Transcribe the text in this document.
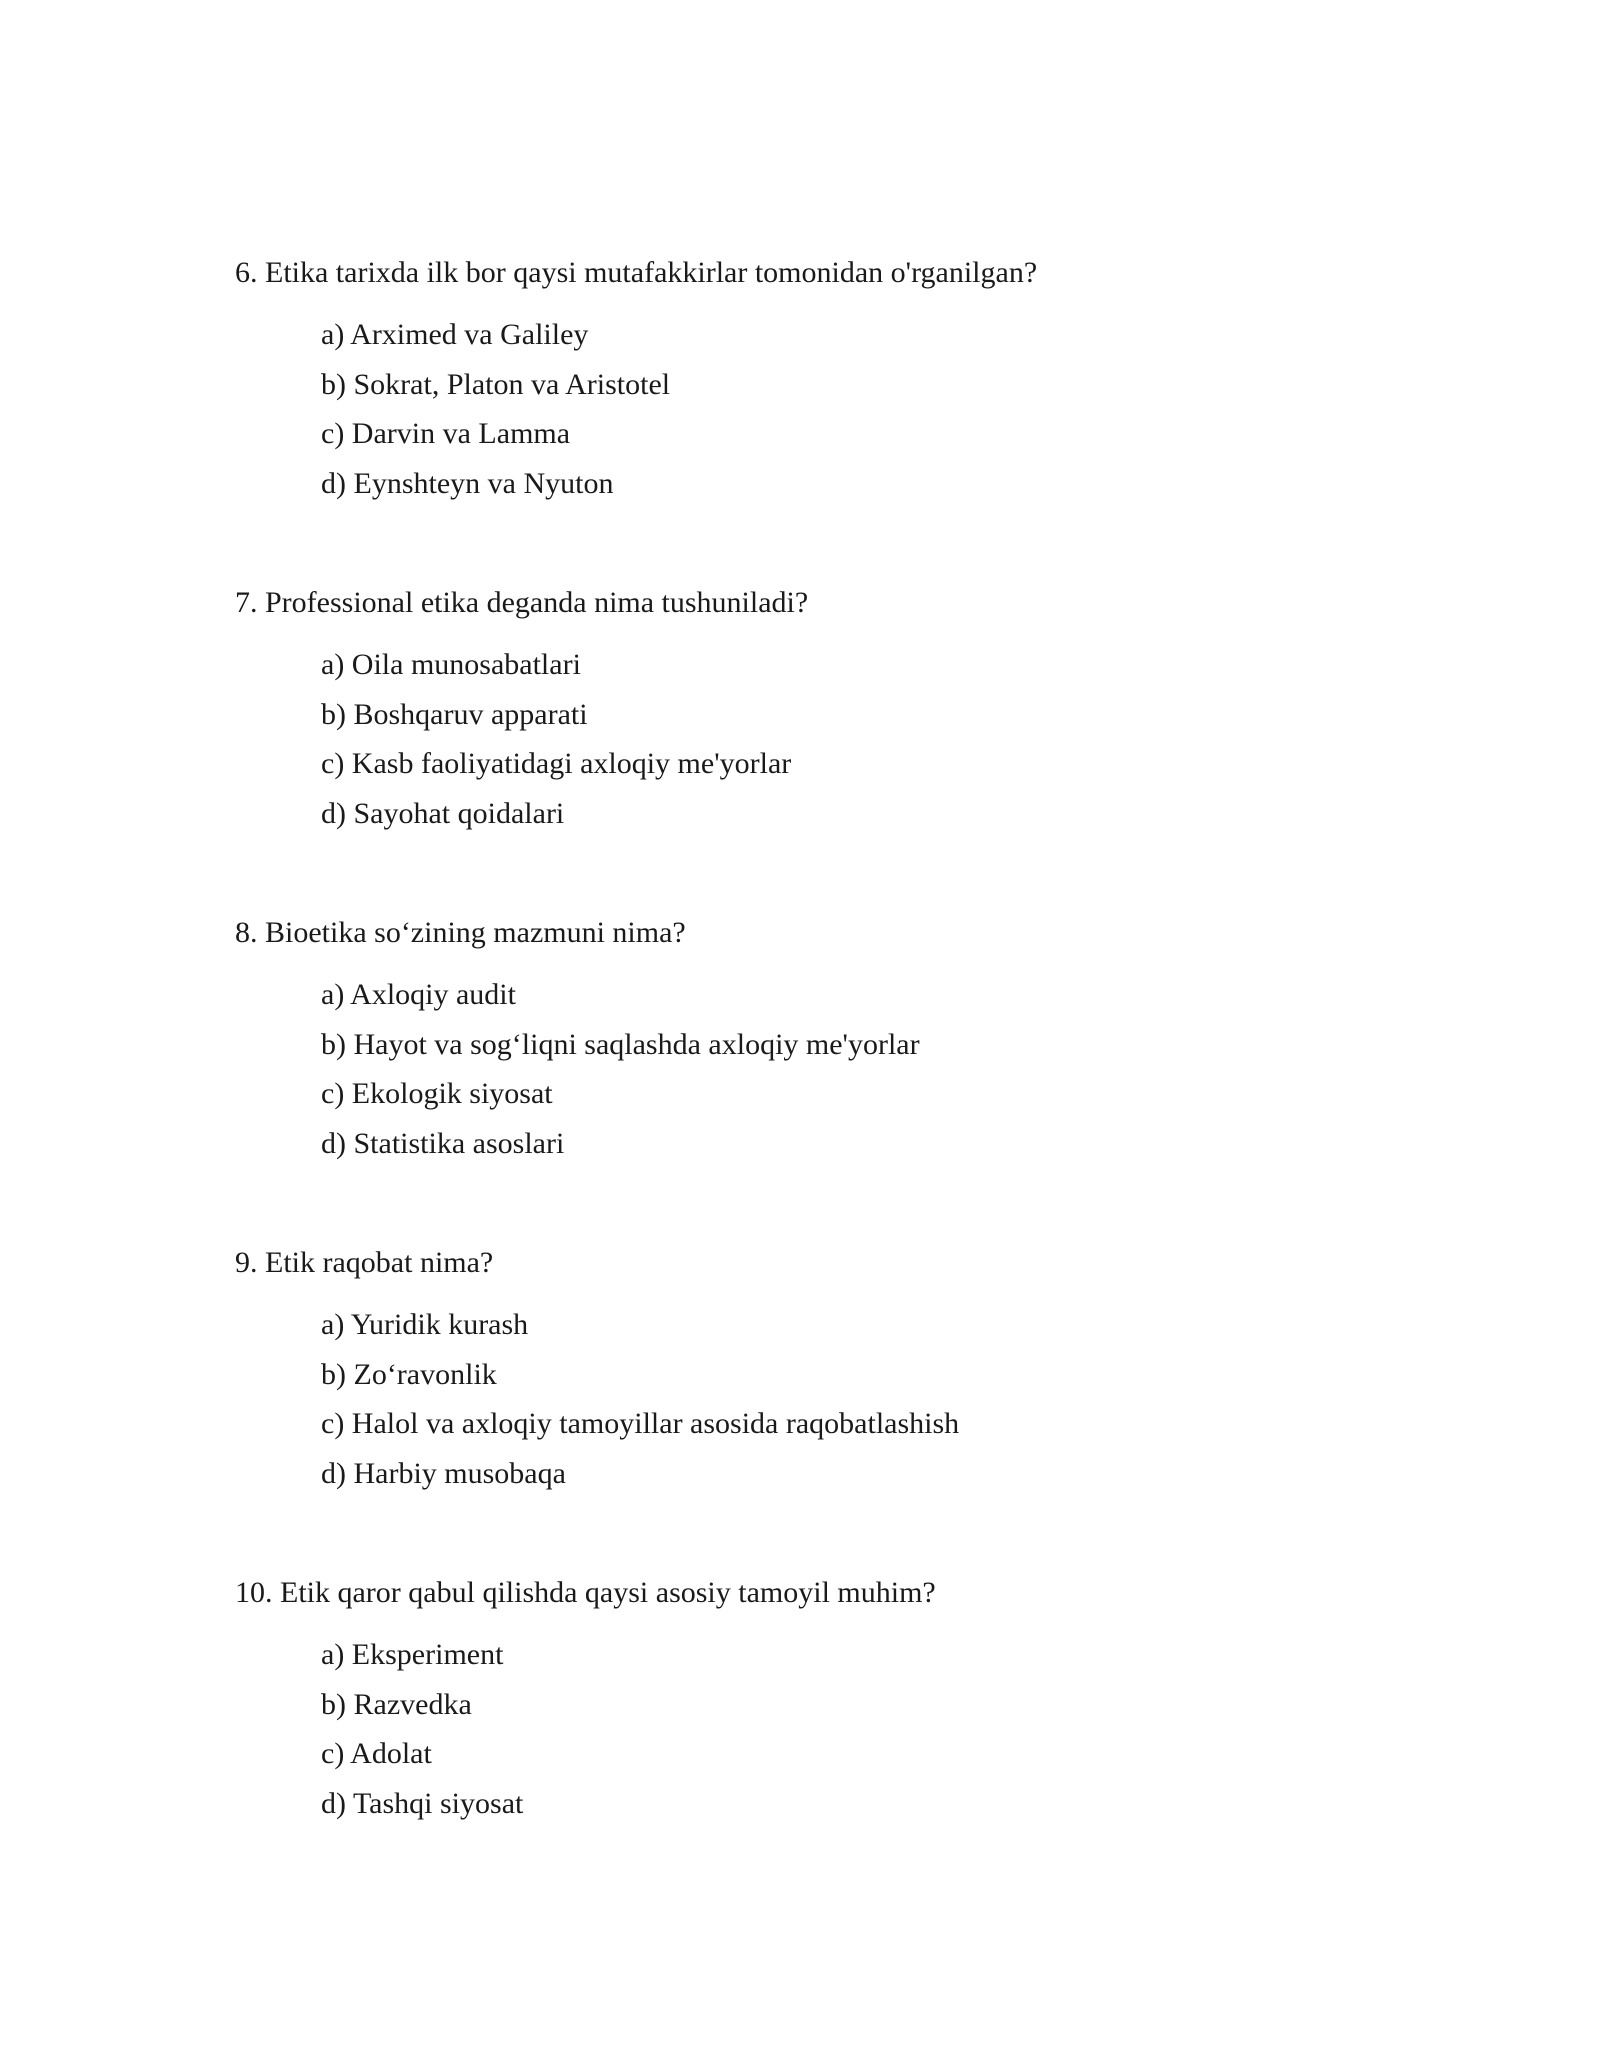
6. Etika tarixda ilk bor qaysi mutafakkirlar tomonidan o'rganilgan?
a) Arximed va Galiley
b) Sokrat, Platon va Aristotel
c) Darvin va Lamma
d) Eynshteyn va Nyuton
7. Professional etika deganda nima tushuniladi?
a) Oila munosabatlari
b) Boshqaruv apparati
c) Kasb faoliyatidagi axloqiy me'yorlar
d) Sayohat qoidalari
8. Bioetika so‘zining mazmuni nima?
a) Axloqiy audit
b) Hayot va sog‘liqni saqlashda axloqiy me'yorlar
c) Ekologik siyosat
d) Statistika asoslari
9. Etik raqobat nima?
a) Yuridik kurash
b) Zo‘ravonlik
c) Halol va axloqiy tamoyillar asosida raqobatlashish
d) Harbiy musobaqa
10. Etik qaror qabul qilishda qaysi asosiy tamoyil muhim?
a) Eksperiment
b) Razvedka
c) Adolat
d) Tashqi siyosat
